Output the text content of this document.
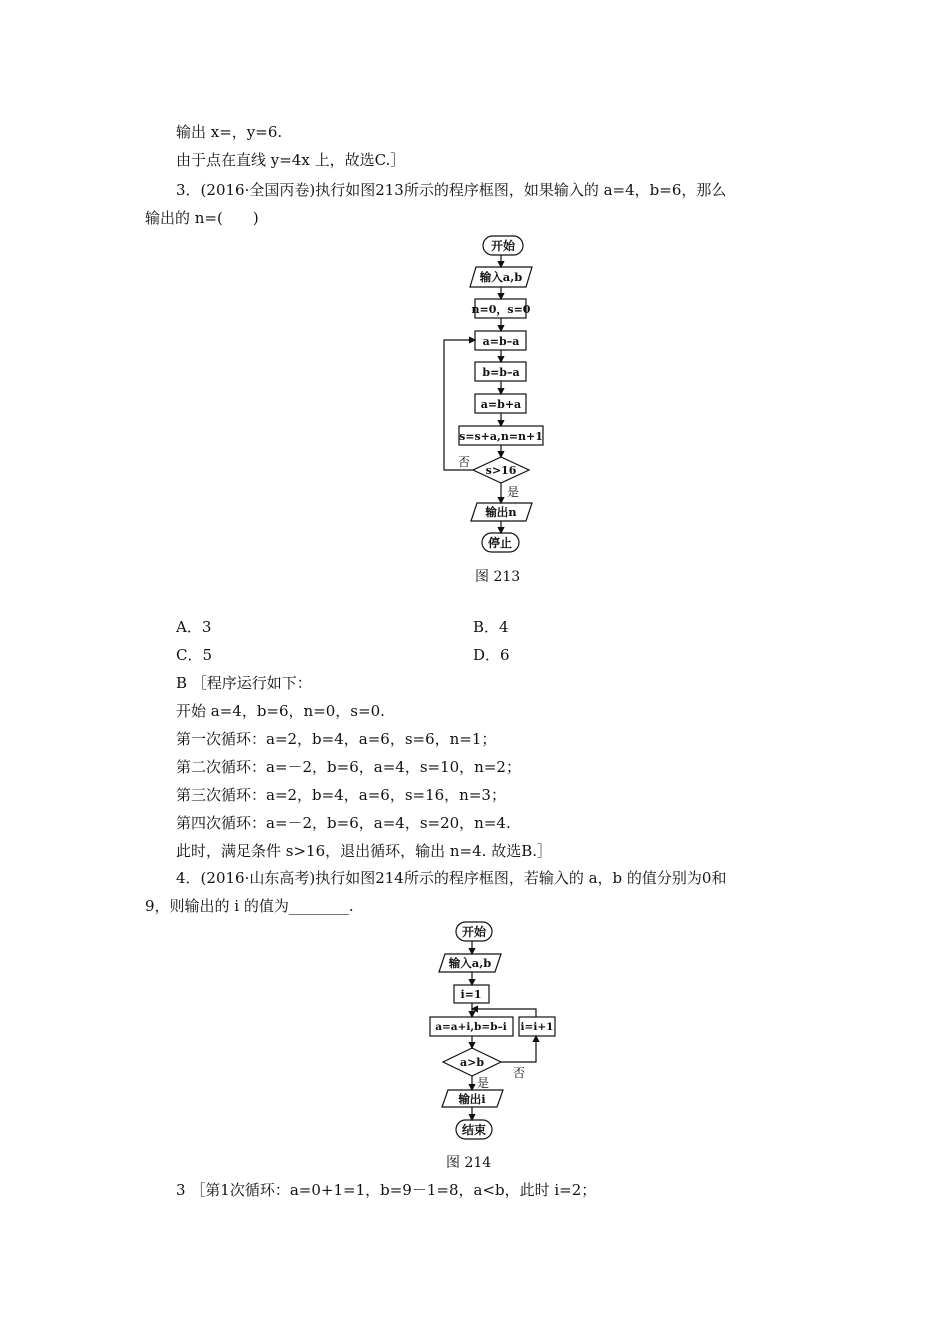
输出 x=，y=6.
由于点在直线 y=4x 上，故选C.］
3．(2016·全国丙卷)执行如图213所示的程序框图，如果输入的 a=4，b=6，那么
输出的 n=(　　)
开始
输入a,b
n=0，s=0
a=b–a
b=b–a
a=b+a
s=s+a,n=n+1
s>16
否
是
输出n
停止
开始
输入a,b
i=1
a=a+i,b=b–i i=i+1
a>b
否
是
输出i
结束
图 213
A．3	B．4
C．5	D．6
B ［程序运行如下：
开始 a=4，b=6，n=0，s=0.
第一次循环：a=2，b=4，a=6，s=6，n=1；
第二次循环：a=－2，b=6，a=4，s=10，n=2；
第三次循环：a=2，b=4，a=6，s=16，n=3；
第四次循环：a=－2，b=6，a=4，s=20，n=4.
此时，满足条件 s>16，退出循环，输出 n=4. 故选B.］
4．(2016·山东高考)执行如图214所示的程序框图，若输入的 a，b 的值分别为0和
9，则输出的 i 的值为________.
图 214
3 ［第1次循环：a=0+1=1，b=9－1=8，a<b，此时 i=2；
